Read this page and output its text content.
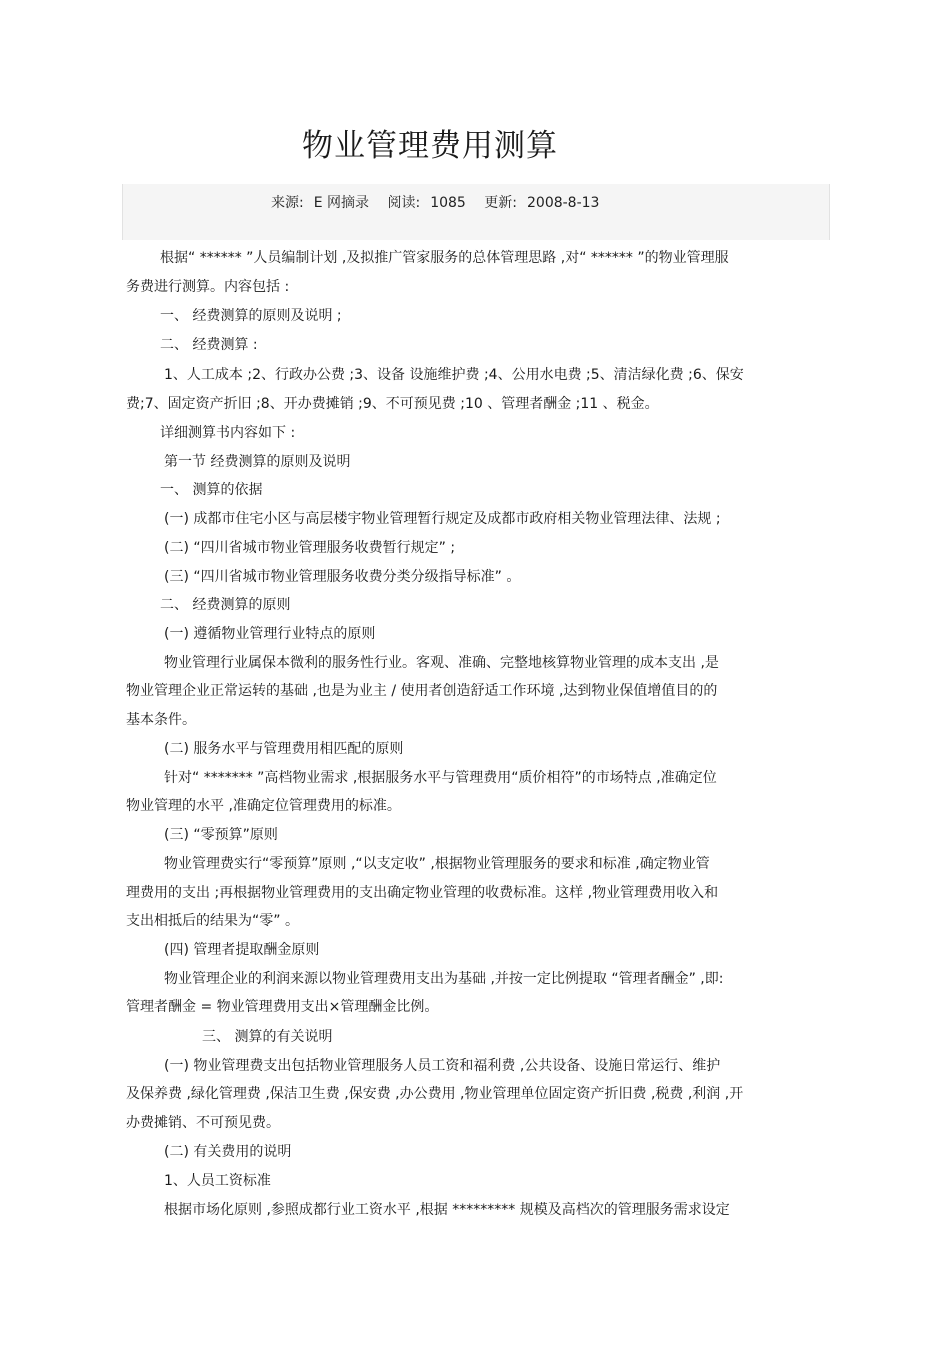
物业管理费用测算
来源: E 网摘录 阅读: 1085 更新: 2008-8-13
根据“ ****** ”人员编制计划 ,及拟推广管家服务的总体管理思路 ,对“ ****** ”的物业管理服
务费进行测算。内容包括 :
一、 经费测算的原则及说明 ;
二、 经费测算 :
1、人工成本 ;2、行政办公费 ;3、设备 设施维护费 ;4、公用水电费 ;5、清洁绿化费 ;6、保安
费;7、固定资产折旧 ;8、开办费摊销 ;9、不可预见费 ;10 、管理者酬金 ;11 、税金。
详细测算书内容如下 :
第一节 经费测算的原则及说明
一、 测算的依据
(一) 成都市住宅小区与高层楼宇物业管理暂行规定及成都市政府相关物业管理法律、法规 ;
(二) “四川省城市物业管理服务收费暂行规定” ;
(三) “四川省城市物业管理服务收费分类分级指导标准” 。
二、 经费测算的原则
(一) 遵循物业管理行业特点的原则
物业管理行业属保本微利的服务性行业。客观、准确、完整地核算物业管理的成本支出 ,是
物业管理企业正常运转的基础 ,也是为业主 / 使用者创造舒适工作环境 ,达到物业保值增值目的的
基本条件。
(二) 服务水平与管理费用相匹配的原则
针对“ ******* ”高档物业需求 ,根据服务水平与管理费用“质价相符”的市场特点 ,准确定位
物业管理的水平 ,准确定位管理费用的标准。
(三) “零预算”原则
物业管理费实行“零预算”原则 ,“以支定收” ,根据物业管理服务的要求和标准 ,确定物业管
理费用的支出 ;再根据物业管理费用的支出确定物业管理的收费标准。这样 ,物业管理费用收入和
支出相抵后的结果为“零” 。
(四) 管理者提取酬金原则
物业管理企业的利润来源以物业管理费用支出为基础 ,并按一定比例提取 “管理者酬金” ,即:
管理者酬金 = 物业管理费用支出×管理酬金比例。
三、 测算的有关说明
(一) 物业管理费支出包括物业管理服务人员工资和福利费 ,公共设备、设施日常运行、维护
及保养费 ,绿化管理费 ,保洁卫生费 ,保安费 ,办公费用 ,物业管理单位固定资产折旧费 ,税费 ,利润 ,开
办费摊销、不可预见费。
(二) 有关费用的说明
1、人员工资标准
根据市场化原则 ,参照成都行业工资水平 ,根据 ********* 规模及高档次的管理服务需求设定
